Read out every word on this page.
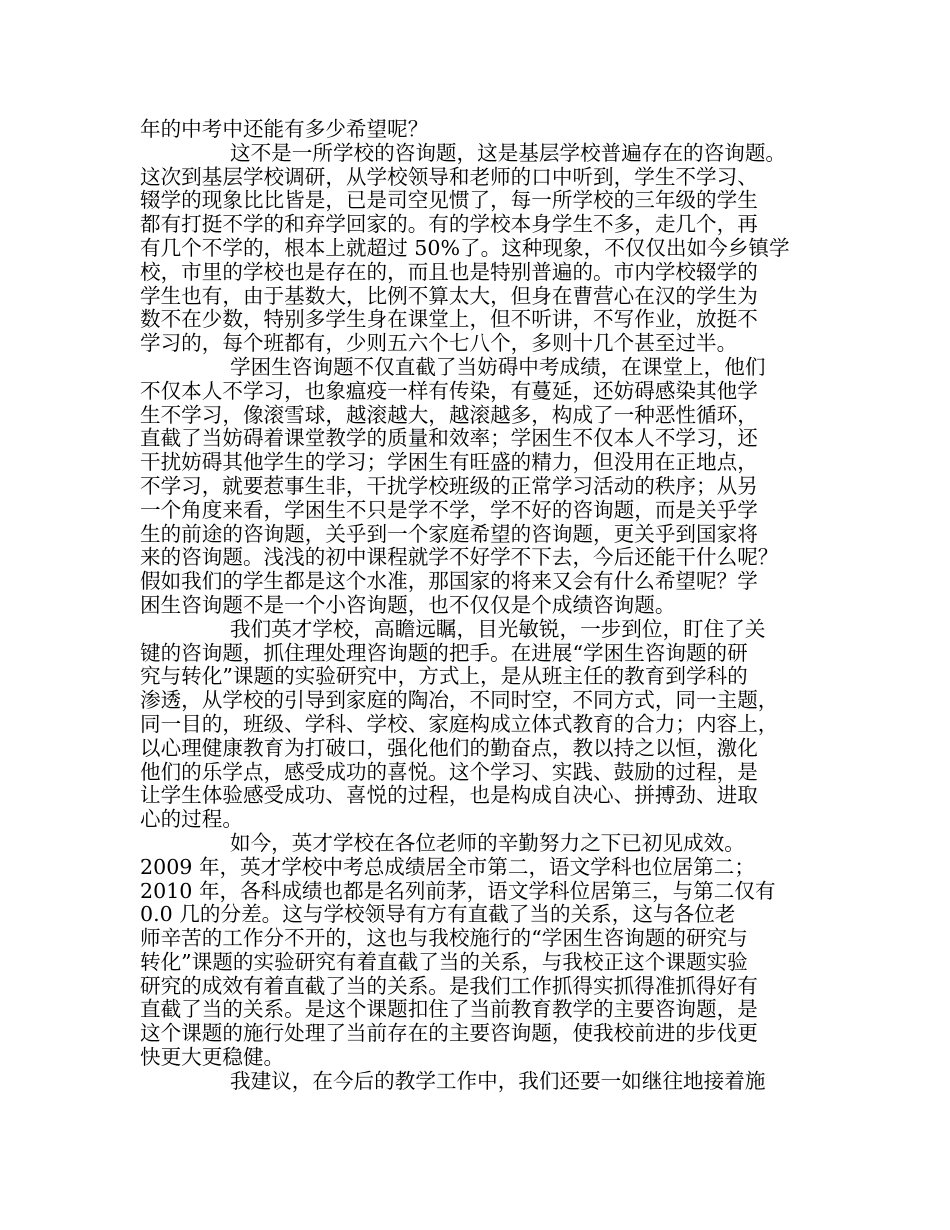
年的中考中还能有多少希望呢？
这不是一所学校的咨询题，这是基层学校普遍存在的咨询题。
这次到基层学校调研，从学校领导和老师的口中听到，学生不学习、
辍学的现象比比皆是，已是司空见惯了，每一所学校的三年级的学生
都有打挺不学的和弃学回家的。有的学校本身学生不多，走几个，再
有几个不学的，根本上就超过 50%了。这种现象，不仅仅出如今乡镇学
校，市里的学校也是存在的，而且也是特别普遍的。市内学校辍学的
学生也有，由于基数大，比例不算太大，但身在曹营心在汉的学生为
数不在少数，特别多学生身在课堂上，但不听讲，不写作业，放挺不
学习的，每个班都有，少则五六个七八个，多则十几个甚至过半。
学困生咨询题不仅直截了当妨碍中考成绩，在课堂上，他们
不仅本人不学习，也象瘟疫一样有传染，有蔓延，还妨碍感染其他学
生不学习，像滚雪球，越滚越大，越滚越多，构成了一种恶性循环，
直截了当妨碍着课堂教学的质量和效率；学困生不仅本人不学习，还
干扰妨碍其他学生的学习；学困生有旺盛的精力，但没用在正地点，
不学习，就要惹事生非，干扰学校班级的正常学习活动的秩序；从另
一个角度来看，学困生不只是学不学，学不好的咨询题，而是关乎学
生的前途的咨询题，关乎到一个家庭希望的咨询题，更关乎到国家将
来的咨询题。浅浅的初中课程就学不好学不下去，今后还能干什么呢？
假如我们的学生都是这个水准，那国家的将来又会有什么希望呢？学
困生咨询题不是一个小咨询题，也不仅仅是个成绩咨询题。
我们英才学校，高瞻远瞩，目光敏锐，一步到位，盯住了关
键的咨询题，抓住理处理咨询题的把手。在进展“学困生咨询题的研
究与转化”课题的实验研究中，方式上，是从班主任的教育到学科的
渗透，从学校的引导到家庭的陶冶，不同时空，不同方式，同一主题，
同一目的，班级、学科、学校、家庭构成立体式教育的合力；内容上，
以心理健康教育为打破口，强化他们的勤奋点，教以持之以恒，激化
他们的乐学点，感受成功的喜悦。这个学习、实践、鼓励的过程，是
让学生体验感受成功、喜悦的过程，也是构成自决心、拼搏劲、进取
心的过程。
如今，英才学校在各位老师的辛勤努力之下已初见成效。
2009 年，英才学校中考总成绩居全市第二，语文学科也位居第二；
2010 年，各科成绩也都是名列前茅，语文学科位居第三，与第二仅有
0.0 几的分差。这与学校领导有方有直截了当的关系，这与各位老
师辛苦的工作分不开的，这也与我校施行的“学困生咨询题的研究与
转化”课题的实验研究有着直截了当的关系，与我校正这个课题实验
研究的成效有着直截了当的关系。是我们工作抓得实抓得准抓得好有
直截了当的关系。是这个课题扣住了当前教育教学的主要咨询题，是
这个课题的施行处理了当前存在的主要咨询题，使我校前进的步伐更
快更大更稳健。
我建议，在今后的教学工作中，我们还要一如继往地接着施
